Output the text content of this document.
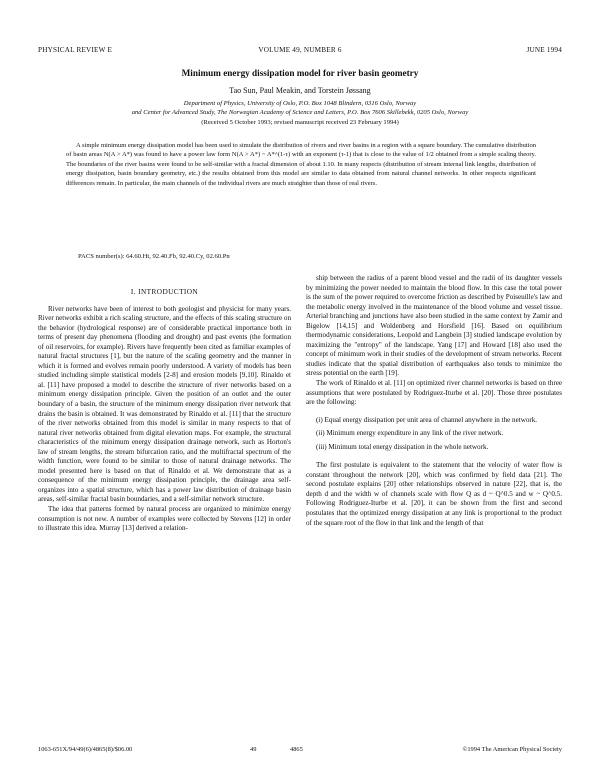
PHYSICAL REVIEW E	VOLUME 49, NUMBER 6	JUNE 1994
Minimum energy dissipation model for river basin geometry
Tao Sun, Paul Meakin, and Torstein Jøssang
Department of Physics, University of Oslo, P.O. Box 1048 Blindern, 0316 Oslo, Norway
and Center for Advanced Study, The Norwegian Academy of Science and Letters, P.O. Box 7606 Skillebekk, 0205 Oslo, Norway
(Received 5 October 1993; revised manuscript received 23 February 1994)

A simple minimum energy dissipation model has been used to simulate the distribution of rivers and river basins in a region with a square boundary. The cumulative distribution of basin areas N(A > A*) was found to have a power law form N(A > A*) ~ A*^(1-τ) with an exponent (τ-1) that is close to the value of 1/2 obtained from a simple scaling theory. The boundaries of the river basins were found to be self-similar with a fractal dimension of about 1.10. In many respects (distribution of stream internal link lengths, distribution of energy dissipation, basin boundary geometry, etc.) the results obtained from this model are similar to data obtained from natural channel networks. In other respects significant differences remain. In particular, the main channels of the individual rivers are much straighter than those of real rivers.

PACS number(s): 64.60.Ht, 92.40.Fb, 92.40.Cy, 02.60.Pn
I. INTRODUCTION

River networks have been of interest to both geologist and physicist for many years. River networks exhibit a rich scaling structure, and the effects of this scaling structure on the behavior (hydrological response) are of considerable practical importance both in terms of present day phenomena (flooding and drought) and past events (the formation of oil reservoirs, for example). Rivers have frequently been cited as familiar examples of natural fractal structures [1], but the nature of the scaling geometry and the manner in which it is formed and evolves remain poorly understood. A variety of models has been studied including simple statistical models [2-8] and erosion models [9,10]. Rinaldo et al. [11] have proposed a model to describe the structure of river networks based on a minimum energy dissipation principle. Given the position of an outlet and the outer boundary of a basin, the structure of the minimum energy dissipation river network that drains the basin is obtained. It was demonstrated by Rinaldo et al. [11] that the structure of the river networks obtained from this model is similar in many respects to that of natural river networks obtained from digital elevation maps. For example, the structural characteristics of the minimum energy dissipation drainage network, such as Horton's law of stream lengths, the stream bifurcation ratio, and the multifractal spectrum of the width function, were found to be similar to those of natural drainage networks. The model presented here is based on that of Rinaldo et al. We demonstrate that as a consequence of the minimum energy dissipation principle, the drainage area self-organizes into a spatial structure, which has a power law distribution of drainage basin areas, self-similar fractal basin boundaries, and a self-similar network structure.

The idea that patterns formed by natural process are organized to minimize energy consumption is not new. A number of examples were collected by Stevens [12] in order to illustrate this idea. Murray [13] derived a relation-

ship between the radius of a parent blood vessel and the radii of its daughter vessels by minimizing the power needed to maintain the blood flow. In this case the total power is the sum of the power required to overcome friction as described by Poiseuille's law and the metabolic energy involved in the maintenance of the blood volume and vessel tissue. Arterial branching and junctions have also been studied in the same context by Zamir and Bigelow [14,15] and Woldenberg and Horsfield [16]. Based on equilibrium thermodynamic considerations, Leopold and Langbein [3] studied landscape evolution by maximizing the "entropy" of the landscape. Yang [17] and Howard [18] also used the concept of minimum work in their studies of the development of stream networks. Recent studies indicate that the spatial distribution of earthquakes also tends to minimize the stress potential on the earth [19].

The work of Rinaldo et al. [11] on optimized river channel networks is based on three assumptions that were postulated by Rodriguez-Iturbe et al. [20]. Those three postulates are the following:

(i) Equal energy dissipation per unit area of channel anywhere in the network.

(ii) Minimum energy expenditure in any link of the river network.

(iii) Minimum total energy dissipation in the whole network.

The first postulate is equivalent to the statement that the velocity of water flow is constant throughout the network [20], which was confirmed by field data [21]. The second postulate explains [20] other relationships observed in nature [22], that is, the depth d and the width w of channels scale with flow Q as d ~ Q^0.5 and w ~ Q^0.5. Following Rodriguez-Iturbe et al. [20], it can be shown from the first and second postulates that the optimized energy dissipation at any link is proportional to the product of the square root of the flow in that link and the length of that

1063-651X/94/49(6)/4865(8)/$06.00	49	4865	©1994 The American Physical Society
